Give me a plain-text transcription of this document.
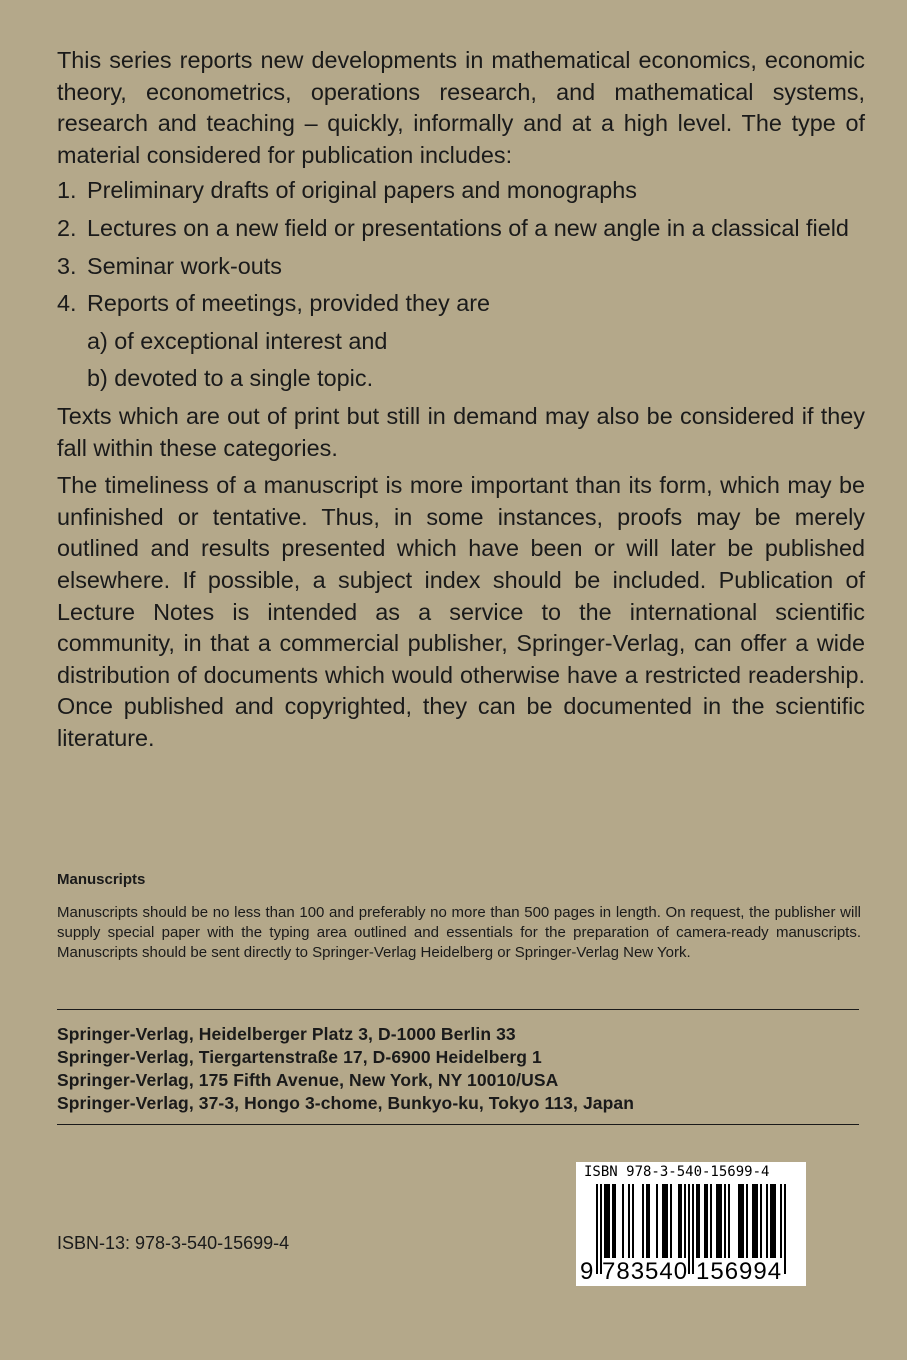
This series reports new developments in mathematical economics, economic theory, econometrics, operations research, and mathematical systems, research and teaching – quickly, informally and at a high level. The type of material considered for publication includes:

1. Preliminary drafts of original papers and monographs
2. Lectures on a new field or presentations of a new angle in a classical field
3. Seminar work-outs
4. Reports of meetings, provided they are
a) of exceptional interest and
b) devoted to a single topic.

Texts which are out of print but still in demand may also be considered if they fall within these categories.

The timeliness of a manuscript is more important than its form, which may be unfinished or tentative. Thus, in some instances, proofs may be merely outlined and results presented which have been or will later be published elsewhere. If possible, a subject index should be included. Publication of Lecture Notes is intended as a service to the international scientific community, in that a commercial publisher, Springer-Verlag, can offer a wide distribution of documents which would otherwise have a restricted readership. Once published and copyrighted, they can be documented in the scientific literature.

Manuscripts
Manuscripts should be no less than 100 and preferably no more than 500 pages in length. On request, the publisher will supply special paper with the typing area outlined and essentials for the preparation of camera-ready manuscripts. Manuscripts should be sent directly to Springer-Verlag Heidelberg or Springer-Verlag New York.
Springer-Verlag, Heidelberger Platz 3, D-1000 Berlin 33
Springer-Verlag, Tiergartenstraße 17, D-6900 Heidelberg 1
Springer-Verlag, 175 Fifth Avenue, New York, NY 10010/USA
Springer-Verlag, 37-3, Hongo 3-chome, Bunkyo-ku, Tokyo 113, Japan
ISBN-13: 978-3-540-15699-4
ISBN 978-3-540-15699-4
9 783540 156994
